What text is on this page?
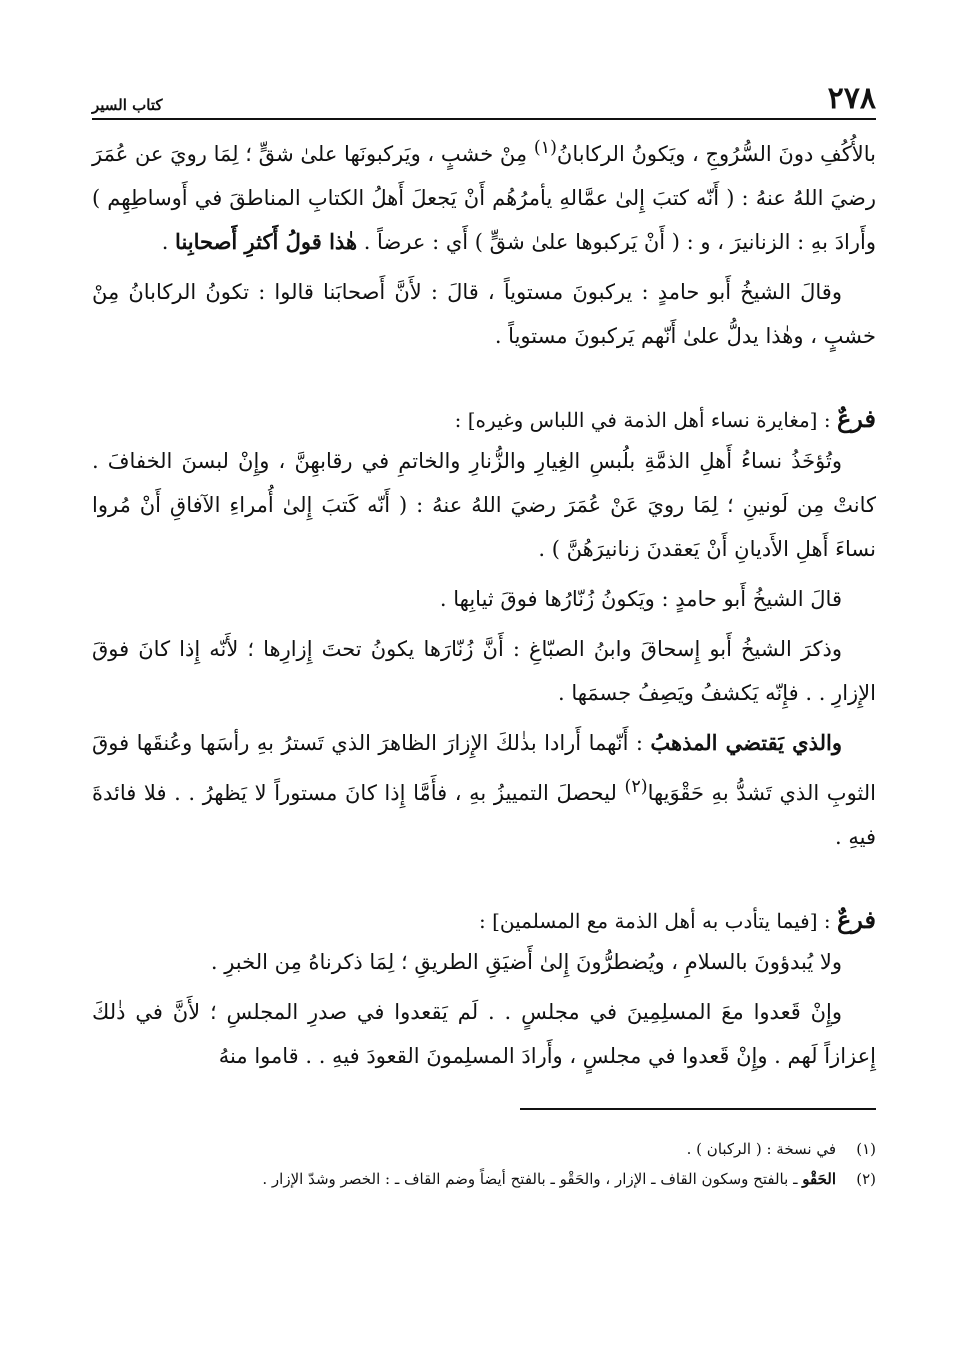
٢٧٨
كتاب السير

بالأُكُفِ دونَ السُّرُوجِ ، ويَكونُ الركابانُ$^{(١)}$ مِنْ خشبٍ ، ويَركبونَها علىٰ شقٍّ ؛ لِمَا رويَ عن عُمَرَ رضيَ اللهُ عنهُ : ( أَنّه كتبَ إِلىٰ عمَّالهِ يأمرُهُم أَنْ يَجعلَ أَهلُ الكتابِ المناطقَ في أَوساطِهِم ) وأَرادَ بهِ : الزنانيرَ ، و : ( أَنْ يَركبوها علىٰ شقٍّ ) أَي : عرضاً . هٰذا قولُ أَكثرِ أَصحابِنا .

وقالَ الشيخُ أَبو حامدٍ : يركبونَ مستوياً ، قالَ : لأَنَّ أَصحابَنا قالوا : تكونُ الركابانُ مِنْ خشبٍ ، وهٰذا يدلُّ علىٰ أَنّهم يَركبونَ مستوياً .

فرعٌ : [مغايرة نساء أهل الذمة في اللباس وغيره] :

وتُؤخَذُ نساءُ أَهلِ الذمَّةِ بلُبسِ الغِيارِ والزُّنارِ والخاتمِ في رقابهِنَّ ، وإِنْ لبسنَ الخفافَ . كانتْ مِن لَونينِ ؛ لِمَا رويَ عَنْ عُمَرَ رضيَ اللهُ عنهُ : ( أَنّه كَتبَ إِلىٰ أُمراءِ الآفاقِ أَنْ مُروا نساءَ أَهلِ الأَديانِ أَنْ يَعقدنَ زنانيرَهُنَّ ) .

قالَ الشيخُ أَبو حامدٍ : ويَكونُ زُنّارُها فوقَ ثيابِها .

وذكرَ الشيخُ أَبو إِسحاقَ وابنُ الصبّاغِ : أَنَّ زُنّارَها يكونُ تحتَ إِزارِها ؛ لأَنّه إِذا كانَ فوقَ الإِزارِ . . فإِنّه يَكشفُ ويَصِفُ جسمَها .

والذي يَقتضي المذهبُ : أَنّهما أَرادا بذٰلكَ الإِزارَ الظاهرَ الذي تَسترُ بهِ رأسَها وعُنقَها فوقَ الثوبِ الذي تَشدُّ بهِ حَقْوَيها$^{(٢)}$ ليحصلَ التمييزُ بهِ ، فأَمَّا إِذا كانَ مستوراً لا يَظهرُ . . فلا فائدةَ فيهِ .

فرعٌ : [فيما يتأدب به أهل الذمة مع المسلمين] :

ولا يُبدؤونَ بالسلامِ ، ويُضطرُّونَ إِلىٰ أَضيَقِ الطريقِ ؛ لِمَا ذكرناهُ مِن الخبرِ .

وإِنْ قَعدوا معَ المسلِمِينَ في مجلسٍ . . لَم يَقعدوا في صدرِ المجلسِ ؛ لأَنَّ في ذٰلكَ إِعزازاً لَهم . وإِنْ قَعدوا في مجلسٍ ، وأَرادَ المسلِمونَ القعودَ فيهِ . . قاموا منهُ

(١)
في نسخة : ( الركبان ) .
(٢)
الحَقْو ـ بالفتح وسكون القاف ـ الإزار ، والحَقْو ـ بالفتح أيضاً وضم القاف ـ : الخصر وشدّ الإزار .
